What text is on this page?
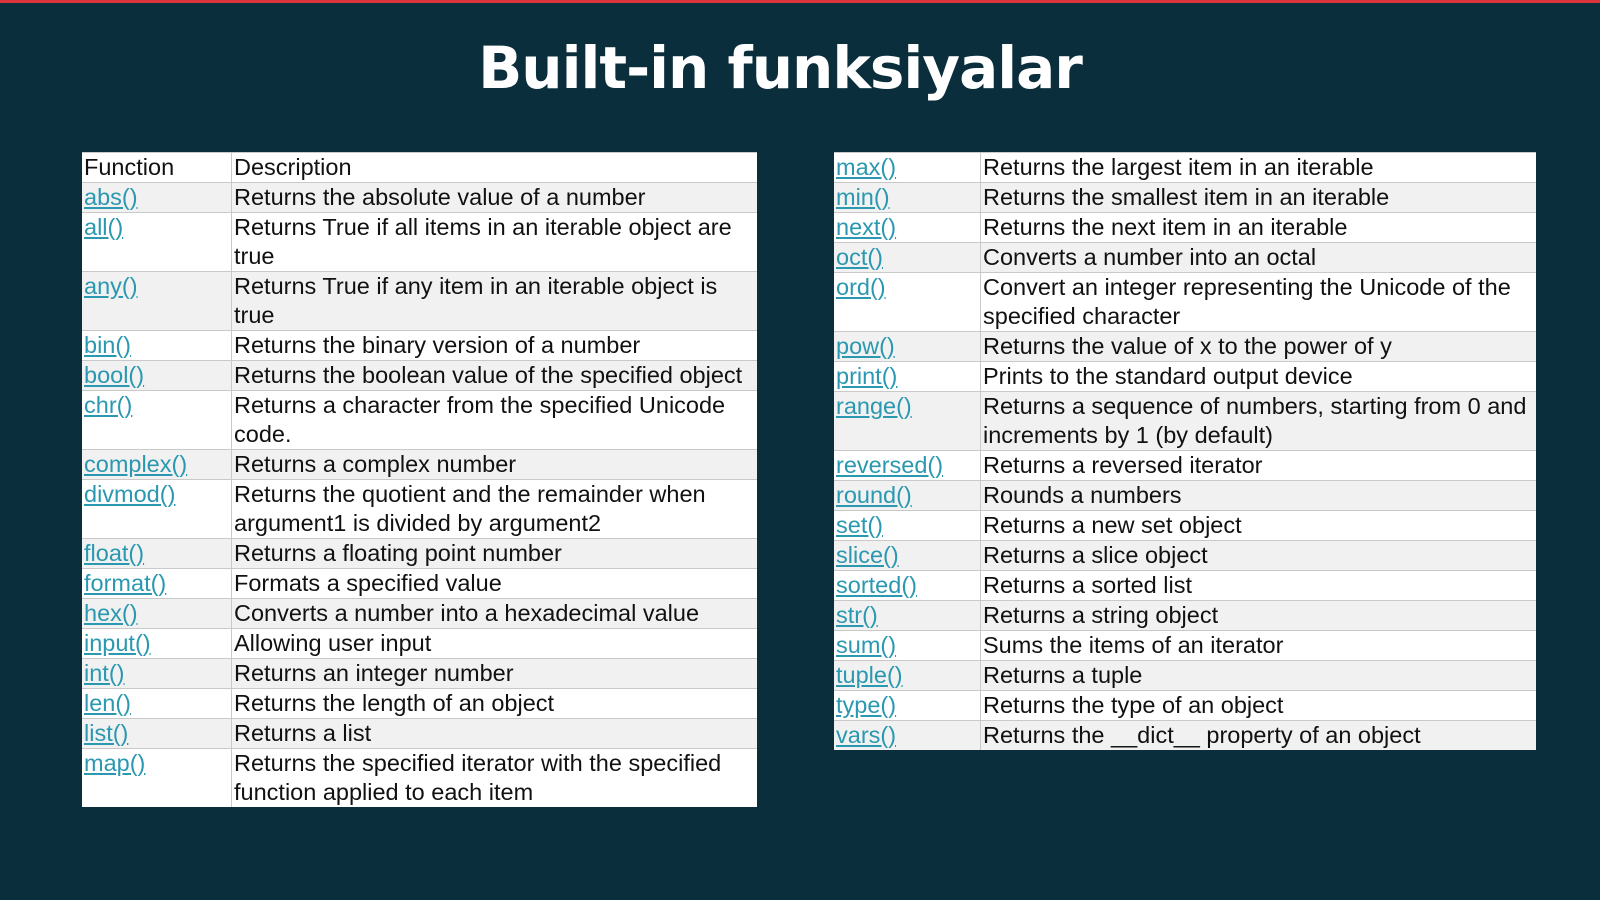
Built-in funksiyalar
Function	Description
abs()	Returns the absolute value of a number
all()	Returns True if all items in an iterable object are true
any()	Returns True if any item in an iterable object is true
bin()	Returns the binary version of a number
bool()	Returns the boolean value of the specified object
chr()	Returns a character from the specified Unicode code.
complex()	Returns a complex number
divmod()	Returns the quotient and the remainder when argument1 is divided by argument2
float()	Returns a floating point number
format()	Formats a specified value
hex()	Converts a number into a hexadecimal value
input()	Allowing user input
int()	Returns an integer number
len()	Returns the length of an object
list()	Returns a list
map()	Returns the specified iterator with the specified function applied to each item
max()	Returns the largest item in an iterable
min()	Returns the smallest item in an iterable
next()	Returns the next item in an iterable
oct()	Converts a number into an octal
ord()	Convert an integer representing the Unicode of the specified character
pow()	Returns the value of x to the power of y
print()	Prints to the standard output device
range()	Returns a sequence of numbers, starting from 0 and increments by 1 (by default)
reversed()	Returns a reversed iterator
round()	Rounds a numbers
set()	Returns a new set object
slice()	Returns a slice object
sorted()	Returns a sorted list
str()	Returns a string object
sum()	Sums the items of an iterator
tuple()	Returns a tuple
type()	Returns the type of an object
vars()	Returns the __dict__ property of an object
